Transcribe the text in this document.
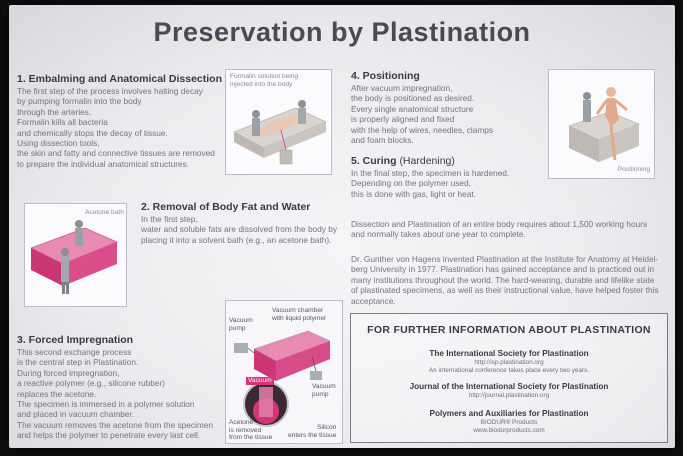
Preservation by Plastination
1. Embalming and Anatomical Dissection
The first step of the process involves halting decay
by pumping formalin into the body
through the arteries.
Formalin kills all bacteria
and chemically stops the decay of tissue.
Using dissection tools,
the skin and fatty and connective tissues are removed
to prepare the individual anatomical structures.
Formalin solution being
injected into the body
Acetone bath 2. Removal of Body Fat and Water
In the first step,
water and soluble fats are dissolved from the body by
placing it into a solvent bath (e.g., an acetone bath).
3. Forced Impregnation
This second exchange process
is the central step in Plastination.
During forced impregnation,
a reactive polymer (e.g., silicone rubber)
replaces the acetone.
The specimen is immersed in a polymer solution
and placed in vacuum chamber.
The vacuum removes the acetone from the specimen
and helps the polymer to penetrate every last cell.
Vacuum
pump
Vacuum chamber
with liquid polymer
Vacuum
Vacuum
pump
Acetone
is removed
from the tissue
Silicon
enters the tissue
4. Positioning
After vacuum impregnation,
the body is positioned as desired.
Every single anatomical structure
is properly aligned and fixed
with the help of wires, needles, clamps
and foam blocks.
Positioning
5. Curing (Hardening)
In the final step, the specimen is hardened.
Depending on the polymer used,
this is done with gas, light or heat.
Dissection and Plastination of an entire body requires about 1,500 working hours
and normally takes about one year to complete.
Dr. Gunther von Hagens invented Plastination at the Institute for Anatomy at Heidel-
berg University in 1977. Plastination has gained acceptance and is practiced out in
many institutions throughout the world. The hard-wearing, durable and lifelike state
of plastinated specimens, as well as their instructional value, have helped foster this
acceptance.
FOR FURTHER INFORMATION ABOUT PLASTINATION
The International Society for Plastination
http://isp.plastination.org
An international conference takes place every two years.
Journal of the International Society for Plastination
http://journal.plastination.org
Polymers and Auxiliaries for Plastination
BIODUR® Products
www.biodurproducts.com
